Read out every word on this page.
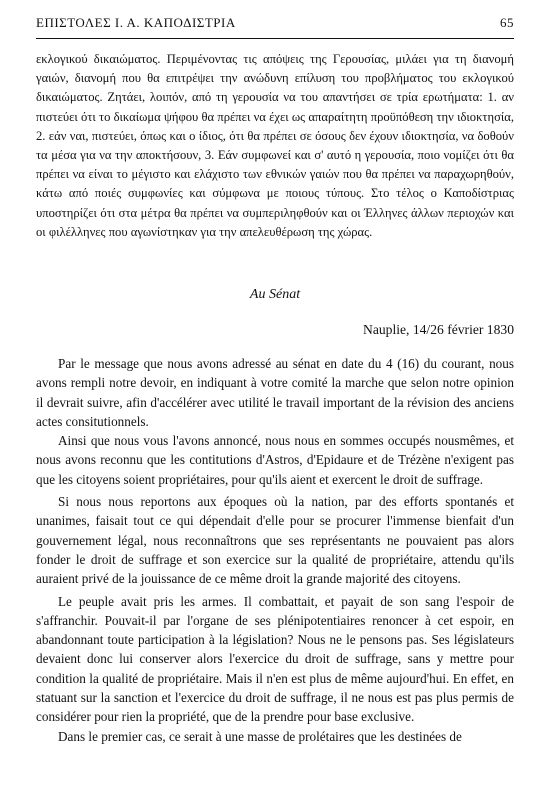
ΕΠΙΣΤΟΛΕΣ Ι. Α. ΚΑΠΟΔΙΣΤΡΙΑ	65

εκλογικού δικαιώματος. Περιμένοντας τις απόψεις της Γερουσίας, μιλάει για τη διανομή γαιών, διανομή που θα επιτρέψει την ανώδυνη επίλυση του προβλήματος του εκλογικού δικαιώματος. Ζητάει, λοιπόν, από τη γερουσία να του απαντήσει σε τρία ερωτήματα: 1. αν πιστεύει ότι το δικαίωμα ψήφου θα πρέπει να έχει ως απαραίτητη προϋπόθεση την ιδιοκτησία, 2. εάν ναι, πιστεύει, όπως και ο ίδιος, ότι θα πρέπει σε όσους δεν έχουν ιδιοκτησία, να δοθούν τα μέσα για να την αποκτήσουν, 3. Εάν συμφωνεί και σ' αυτό η γερουσία, ποιο νομίζει ότι θα πρέπει να είναι το μέγιστο και ελάχιστο των εθνικών γαιών που θα πρέπει να παραχωρηθούν, κάτω από ποιές συμφωνίες και σύμφωνα με ποιους τύπους. Στο τέλος ο Καποδίστριας υποστηρίζει ότι στα μέτρα θα πρέπει να συμπεριληφθούν και οι Έλληνες άλλων περιοχών και οι φιλέλληνες που αγωνίστηκαν για την απελευθέρωση της χώρας.

Au Sénat
Nauplie, 14/26 février 1830

Par le message que nous avons adressé au sénat en date du 4 (16) du courant, nous avons rempli notre devoir, en indiquant à votre comité la marche que selon notre opinion il devrait suivre, afin d'accélérer avec utilité le travail important de la révision des anciens actes consitutionnels.

Ainsi que nous vous l'avons annoncé, nous nous en sommes occupés nousmêmes, et nous avons reconnu que les contitutions d'Astros, d'Epidaure et de Trézène n'exigent pas que les citoyens soient propriétaires, pour qu'ils aient et exercent le droit de suffrage.

Si nous nous reportons aux époques où la nation, par des efforts spontanés et unanimes, faisait tout ce qui dépendait d'elle pour se procurer l'immense bienfait d'un gouvernement légal, nous reconnaîtrons que ses représentants ne pouvaient pas alors fonder le droit de suffrage et son exercice sur la qualité de propriétaire, attendu qu'ils auraient privé de la jouissance de ce même droit la grande majorité des citoyens.

Le peuple avait pris les armes. Il combattait, et payait de son sang l'espoir de s'affranchir. Pouvait-il par l'organe de ses plénipotentiaires renoncer à cet espoir, en abandonnant toute participation à la législation? Nous ne le pensons pas. Ses législateurs devaient donc lui conserver alors l'exercice du droit de suffrage, sans y mettre pour condition la qualité de propriétaire. Mais il n'en est plus de même aujourd'hui. En effet, en statuant sur la sanction et l'exercice du droit de suffrage, il ne nous est pas plus permis de considérer pour rien la propriété, que de la prendre pour base exclusive.

Dans le premier cas, ce serait à une masse de prolétaires que les destinées de
